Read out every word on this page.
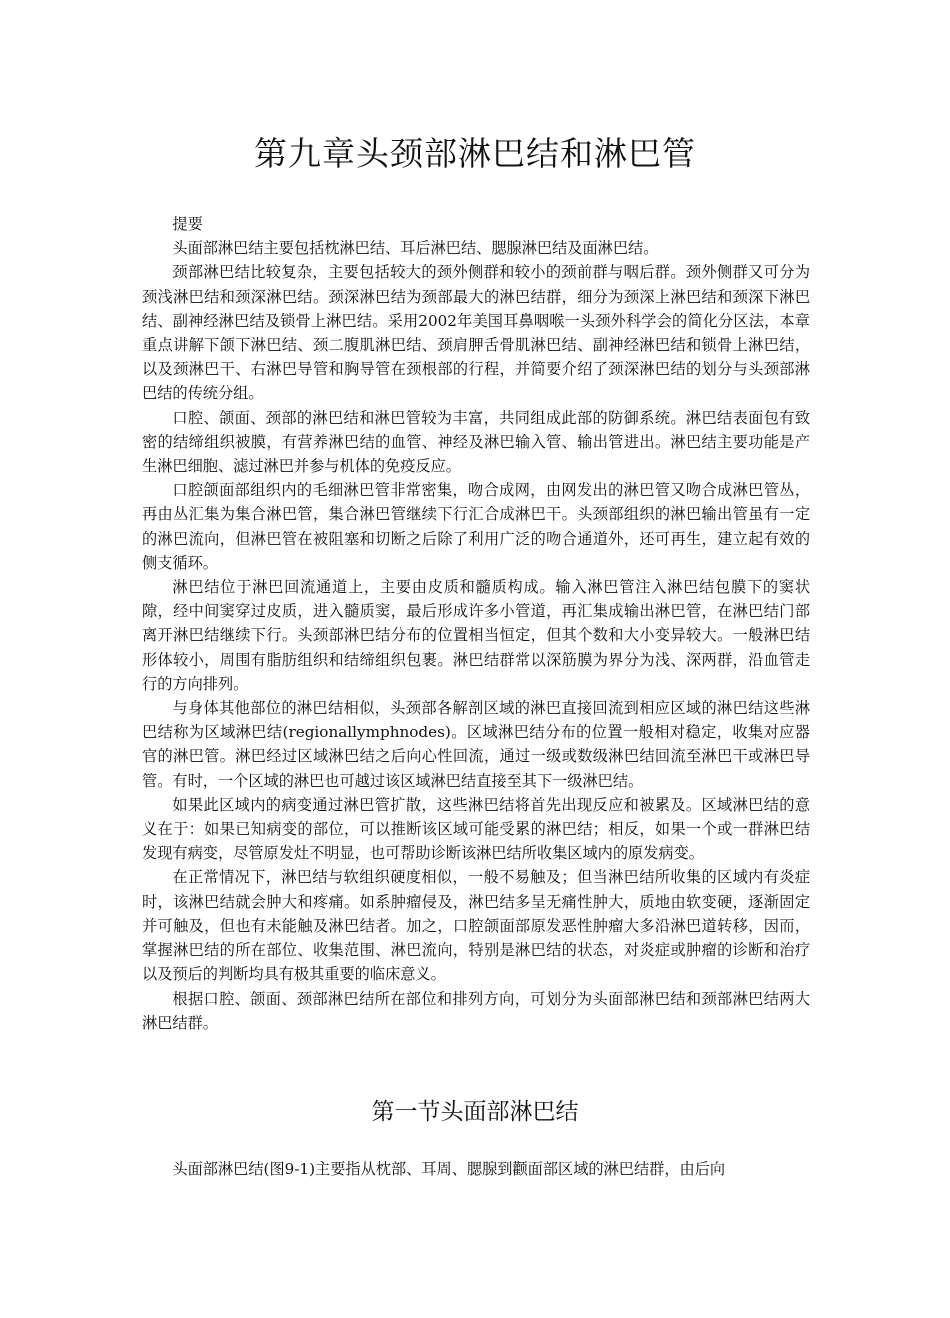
第九章头颈部淋巴结和淋巴管

提要

头面部淋巴结主要包括枕淋巴结、耳后淋巴结、腮腺淋巴结及面淋巴结。

颈部淋巴结比较复杂，主要包括较大的颈外侧群和较小的颈前群与咽后群。颈外侧群又可分为颈浅淋巴结和颈深淋巴结。颈深淋巴结为颈部最大的淋巴结群，细分为颈深上淋巴结和颈深下淋巴结、副神经淋巴结及锁骨上淋巴结。采用2002年美国耳鼻咽喉一头颈外科学会的简化分区法，本章重点讲解下颌下淋巴结、颈二腹肌淋巴结、颈肩胛舌骨肌淋巴结、副神经淋巴结和锁骨上淋巴结，以及颈淋巴干、右淋巴导管和胸导管在颈根部的行程，并简要介绍了颈深淋巴结的划分与头颈部淋巴结的传统分组。

口腔、颌面、颈部的淋巴结和淋巴管较为丰富，共同组成此部的防御系统。淋巴结表面包有致密的结缔组织被膜，有营养淋巴结的血管、神经及淋巴输入管、输出管进出。淋巴结主要功能是产生淋巴细胞、滤过淋巴并参与机体的免疫反应。

口腔颌面部组织内的毛细淋巴管非常密集，吻合成网，由网发出的淋巴管又吻合成淋巴管丛，再由丛汇集为集合淋巴管，集合淋巴管继续下行汇合成淋巴干。头颈部组织的淋巴输出管虽有一定的淋巴流向，但淋巴管在被阻塞和切断之后除了利用广泛的吻合通道外，还可再生，建立起有效的侧支循环。

淋巴结位于淋巴回流通道上，主要由皮质和髓质构成。输入淋巴管注入淋巴结包膜下的窦状隙，经中间窦穿过皮质，进入髓质窦，最后形成许多小管道，再汇集成输出淋巴管，在淋巴结门部离开淋巴结继续下行。头颈部淋巴结分布的位置相当恒定，但其个数和大小变异较大。一般淋巴结形体较小，周围有脂肪组织和结缔组织包裹。淋巴结群常以深筋膜为界分为浅、深两群，沿血管走行的方向排列。

与身体其他部位的淋巴结相似，头颈部各解剖区域的淋巴直接回流到相应区域的淋巴结这些淋巴结称为区域淋巴结(regionallymphnodes)。区域淋巴结分布的位置一般相对稳定，收集对应器官的淋巴管。淋巴经过区域淋巴结之后向心性回流，通过一级或数级淋巴结回流至淋巴干或淋巴导管。有时，一个区域的淋巴也可越过该区域淋巴结直接至其下一级淋巴结。

如果此区域内的病变通过淋巴管扩散，这些淋巴结将首先出现反应和被累及。区域淋巴结的意义在于：如果已知病变的部位，可以推断该区域可能受累的淋巴结；相反，如果一个或一群淋巴结发现有病变，尽管原发灶不明显，也可帮助诊断该淋巴结所收集区域内的原发病变。

在正常情况下，淋巴结与软组织硬度相似，一般不易触及；但当淋巴结所收集的区域内有炎症时，该淋巴结就会肿大和疼痛。如系肿瘤侵及，淋巴结多呈无痛性肿大，质地由软变硬，逐渐固定并可触及，但也有未能触及淋巴结者。加之，口腔颌面部原发恶性肿瘤大多沿淋巴道转移，因而，掌握淋巴结的所在部位、收集范围、淋巴流向，特别是淋巴结的状态，对炎症或肿瘤的诊断和治疗以及预后的判断均具有极其重要的临床意义。

根据口腔、颌面、颈部淋巴结所在部位和排列方向，可划分为头面部淋巴结和颈部淋巴结两大淋巴结群。

第一节头面部淋巴结

头面部淋巴结(图9-1)主要指从枕部、耳周、腮腺到颧面部区域的淋巴结群，由后向
